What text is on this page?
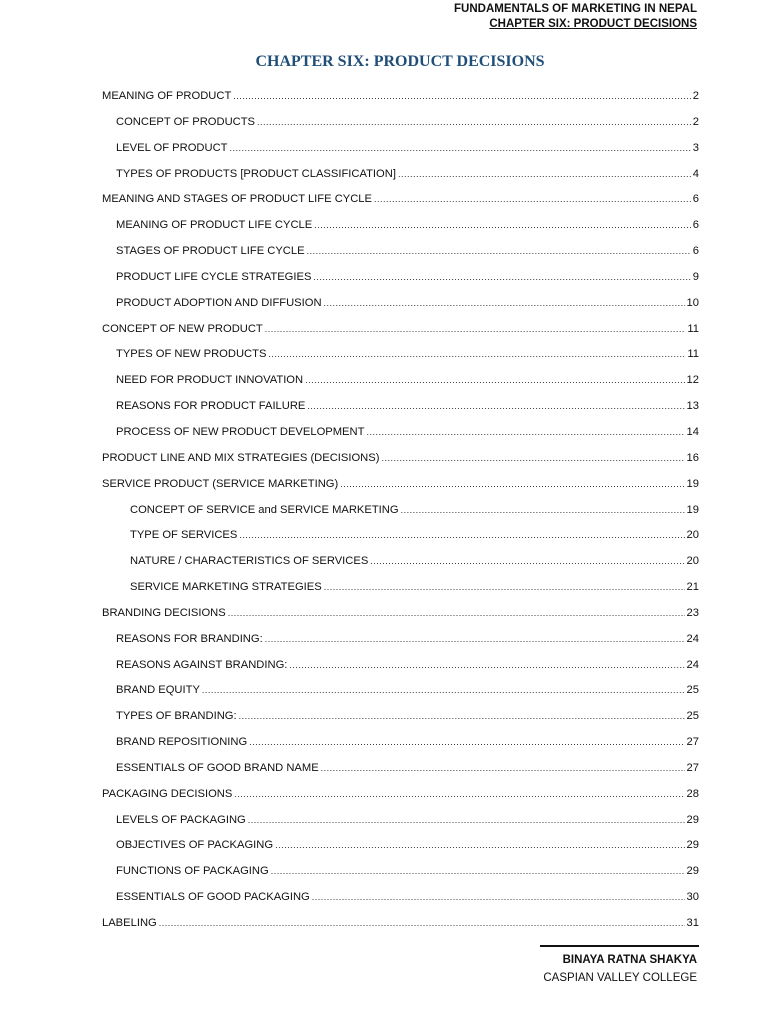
FUNDAMENTALS OF MARKETING IN NEPAL
CHAPTER SIX: PRODUCT DECISIONS
CHAPTER SIX: PRODUCT DECISIONS
MEANING OF PRODUCT .....	2
CONCEPT OF PRODUCTS .....	2
LEVEL OF PRODUCT .....	3
TYPES OF PRODUCTS [PRODUCT CLASSIFICATION] .....	4
MEANING AND STAGES OF PRODUCT LIFE CYCLE .....	6
MEANING OF PRODUCT LIFE CYCLE .....	6
STAGES OF PRODUCT LIFE CYCLE .....	6
PRODUCT LIFE CYCLE STRATEGIES .....	9
PRODUCT ADOPTION AND DIFFUSION .....	10
CONCEPT OF NEW PRODUCT .....	11
TYPES OF NEW PRODUCTS .....	11
NEED FOR PRODUCT INNOVATION .....	12
REASONS FOR PRODUCT FAILURE .....	13
PROCESS OF NEW PRODUCT DEVELOPMENT .....	14
PRODUCT LINE AND MIX STRATEGIES (DECISIONS) .....	16
SERVICE PRODUCT (SERVICE MARKETING) .....	19
CONCEPT OF SERVICE and SERVICE MARKETING .....	19
TYPE OF SERVICES .....	20
NATURE / CHARACTERISTICS OF SERVICES .....	20
SERVICE MARKETING STRATEGIES .....	21
BRANDING DECISIONS .....	23
REASONS FOR BRANDING: .....	24
REASONS AGAINST BRANDING: .....	24
BRAND EQUITY .....	25
TYPES OF BRANDING: .....	25
BRAND REPOSITIONING .....	27
ESSENTIALS OF GOOD BRAND NAME .....	27
PACKAGING DECISIONS .....	28
LEVELS OF PACKAGING .....	29
OBJECTIVES OF PACKAGING .....	29
FUNCTIONS OF PACKAGING .....	29
ESSENTIALS OF GOOD PACKAGING .....	30
LABELING .....	31
BINAYA RATNA SHAKYA
CASPIAN VALLEY COLLEGE
